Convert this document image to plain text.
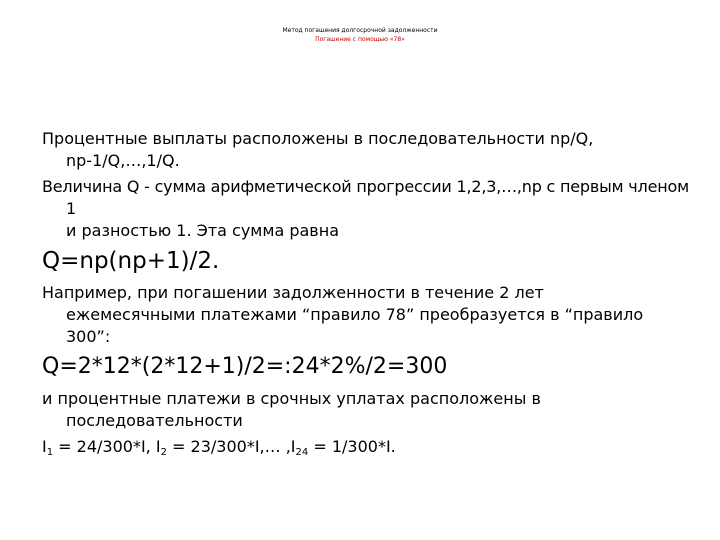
Метод погашения долгосрочной задолженности
Погашение с помощью «78»
Процентные выплаты расположены в последовательности np/Q,
np-1/Q,…,1/Q.
Величина Q - сумма арифметической прогрессии 1,2,3,…,np с первым членом 1
и разностью 1. Эта сумма равна
Q=np(np+1)/2.
Например, при погашении задолженности в течение 2 лет
ежемесячными платежами “правило 78” преобразуется в “правило
300”:
Q=2*12*(2*12+1)/2=:24*2%/2=300
и процентные платежи в срочных уплатах расположены в
последовательности
$I_1 = 24/300*I$, $I_2$ = 23/300*I,… $,I_{24} = 1/300*I$.
